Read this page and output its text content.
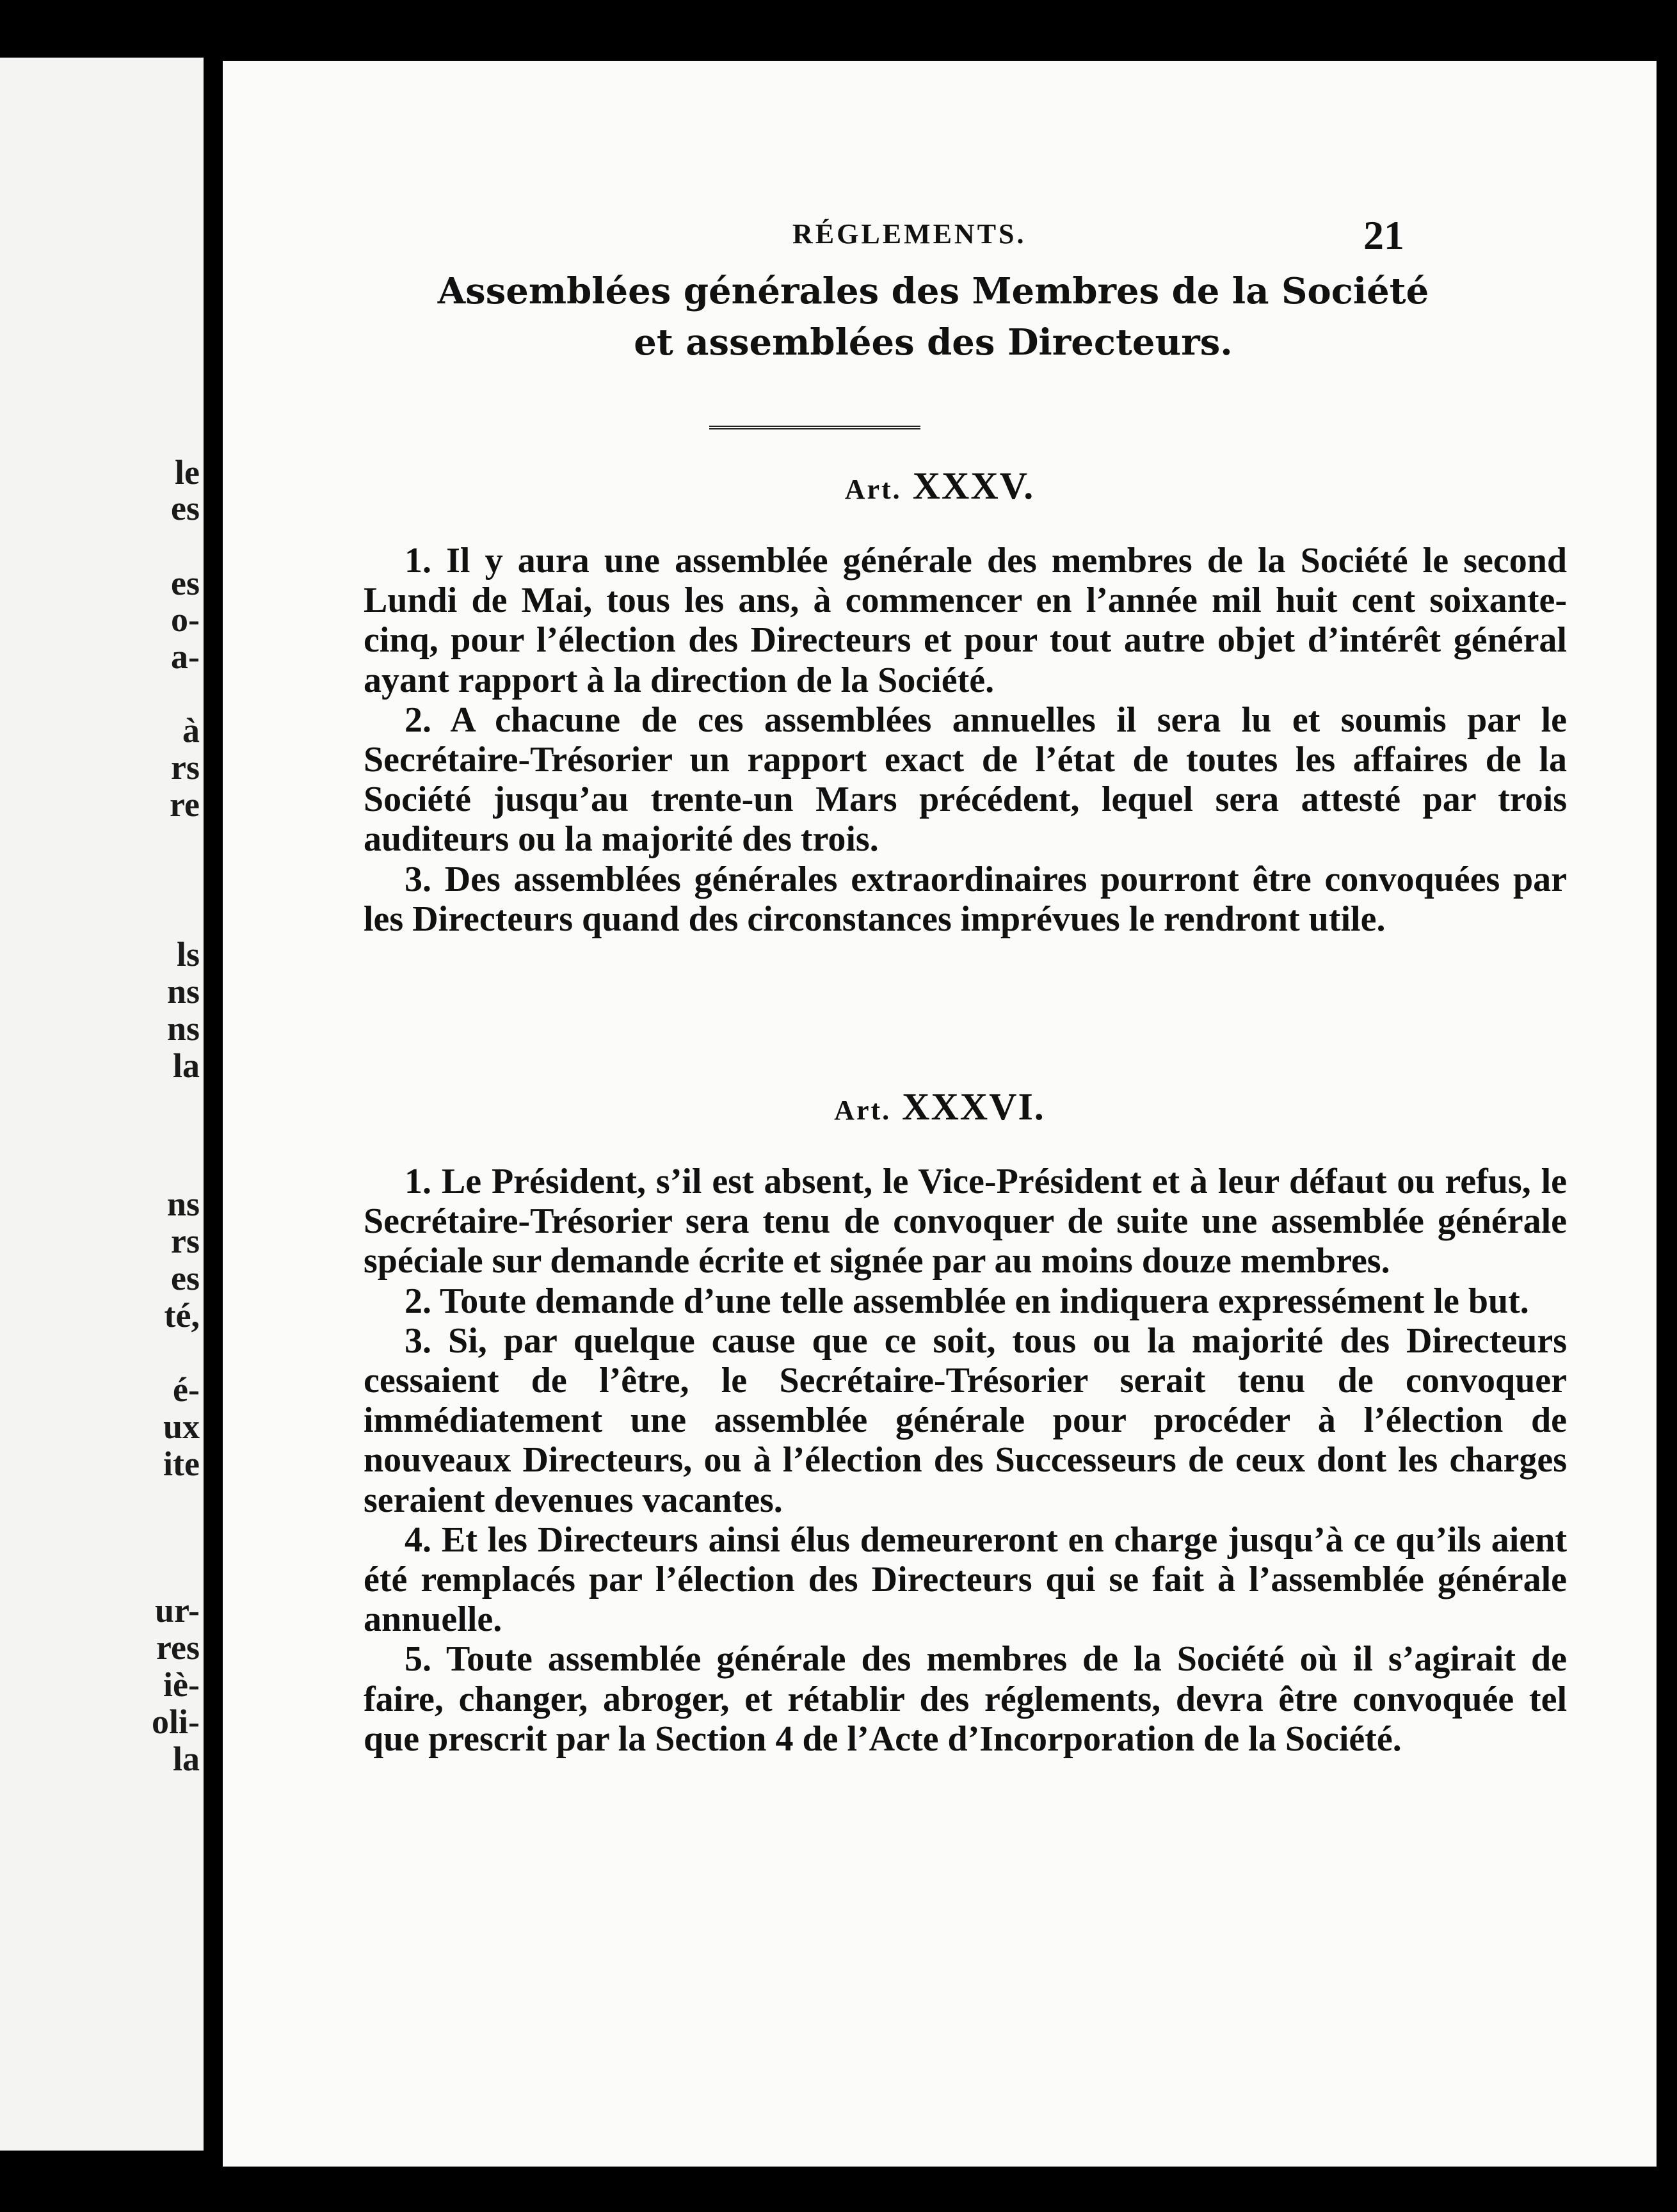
le
es
es
o-
a-
à
rs
re
ls
ns
ns
la
ns
rs
es
té,
é-
ux
ite
ur-
res
iè-
oli-
la
RÉGLEMENTS.	21
Assemblées générales des Membres de la Société
et assemblées des Directeurs.
Art. XXXV.

1. Il y aura une assemblée générale des membres de la Société le second Lundi de Mai, tous les ans, à commencer en l’année mil huit cent soixante-cinq, pour l’élection des Directeurs et pour tout autre objet d’intérêt général ayant rapport à la direction de la Société.

2. A chacune de ces assemblées annuelles il sera lu et soumis par le Secrétaire-Trésorier un rapport exact de l’état de toutes les affaires de la Société jusqu’au trente-un Mars précédent, lequel sera attesté par trois auditeurs ou la majorité des trois.

3. Des assemblées générales extraordinaires pourront être convoquées par les Directeurs quand des circonstances imprévues le rendront utile.

Art. XXXVI.

1. Le Président, s’il est absent, le Vice-Président et à leur défaut ou refus, le Secrétaire-Trésorier sera tenu de convoquer de suite une assemblée générale spéciale sur demande écrite et signée par au moins douze membres.

2. Toute demande d’une telle assemblée en indiquera expressément le but.

3. Si, par quelque cause que ce soit, tous ou la majorité des Directeurs cessaient de l’être, le Secrétaire-Trésorier serait tenu de convoquer immédiatement une assemblée générale pour procéder à l’élection de nouveaux Directeurs, ou à l’élection des Successeurs de ceux dont les charges seraient devenues vacantes.

4. Et les Directeurs ainsi élus demeureront en charge jusqu’à ce qu’ils aient été remplacés par l’élection des Directeurs qui se fait à l’assemblée générale annuelle.

5. Toute assemblée générale des membres de la Société où il s’agirait de faire, changer, abroger, et rétablir des réglements, devra être convoquée tel que prescrit par la Section 4 de l’Acte d’Incorporation de la Société.
